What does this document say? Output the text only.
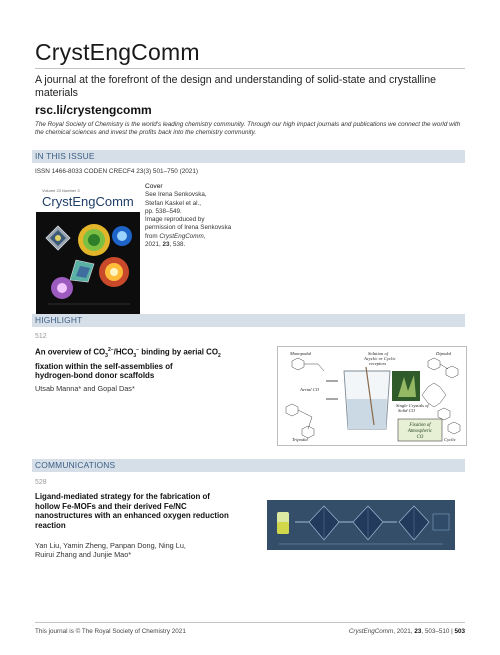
CrystEngComm
A journal at the forefront of the design and understanding of solid-state and crystalline materials
rsc.li/crystengcomm
The Royal Society of Chemistry is the world's leading chemistry community. Through our high impact journals and publications we connect the world with the chemical sciences and invest the profits back into the chemistry community.
IN THIS ISSUE
ISSN 1466-8033 CODEN CRECF4 23(3) 501–750 (2021)
Volume 23 Number 3
CrystEngComm
Cover
See Irena Senkovska,
Stefan Kaskel et al.,
pp. 538–549.
Image reproduced by
permission of Irena Senkovska
from CrystEngComm,
2021, 23, 538.
HIGHLIGHT
512
An overview of $CO_3^{2-}/HCO_3^-$ binding by aerial $CO_2$
fixation within the self-assemblies of
hydrogen-bond donor scaffolds
Utsab Manna* and Gopal Das*
Monopodal	Dipodal
Tripodal	Cyclic
Aerial CO
Solution of
Acyclic or Cyclic
receptors
Single Crystals of
Solid CO
Fixation of
Atmospheric
CO
COMMUNICATIONS
528
Ligand-mediated strategy for the fabrication of
hollow Fe-MOFs and their derived Fe/NC
nanostructures with an enhanced oxygen reduction
reaction
Yan Liu, Yamin Zheng, Panpan Dong, Ning Lu,
Ruirui Zhang and Junjie Mao*
This journal is © The Royal Society of Chemistry 2021	CrystEngComm, 2021, 23, 503–510 | 503
